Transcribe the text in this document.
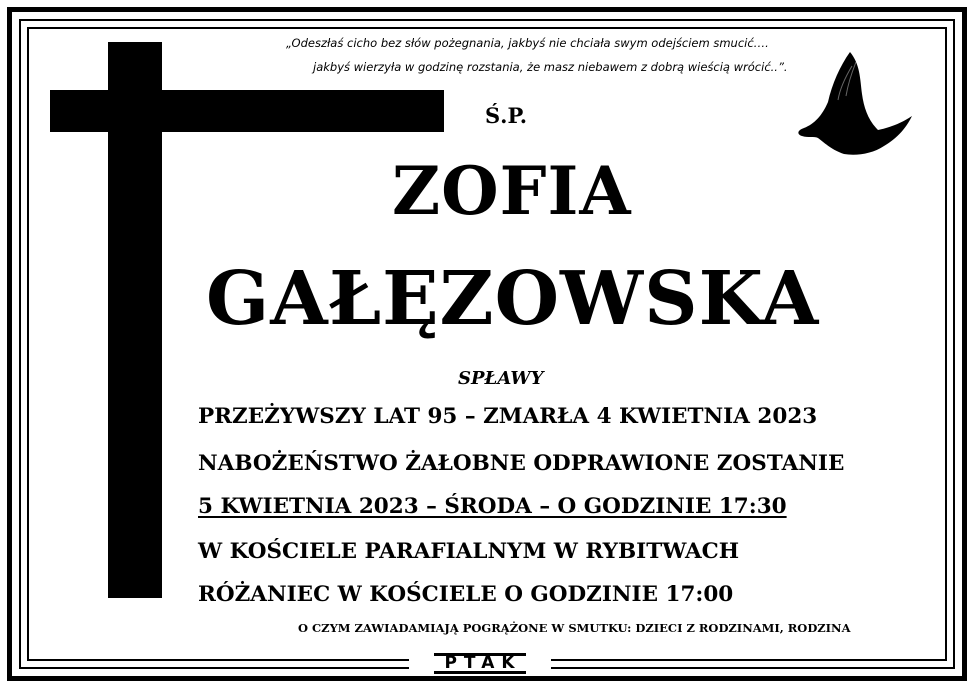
„Odeszłaś cicho bez słów pożegnania, jakbyś nie chciała swym odejściem smucić….
jakbyś wierzyła w godzinę rozstania, że masz niebawem z dobrą wieścią wrócić..”.
Ś.P.
ZOFIA
GAŁĘZOWSKA
SPŁAWY
PRZEŻYWSZY LAT 95 – ZMARŁA 4 KWIETNIA 2023
NABOŻEŃSTWO ŻAŁOBNE ODPRAWIONE ZOSTANIE
5 KWIETNIA 2023 – ŚRODA – O GODZINIE 17:30
W KOŚCIELE PARAFIALNYM W RYBITWACH
RÓŻANIEC W KOŚCIELE O GODZINIE 17:00
O CZYM ZAWIADAMIAJĄ POGRĄŻONE W SMUTKU: DZIECI Z RODZINAMI, RODZINA
PTAK
